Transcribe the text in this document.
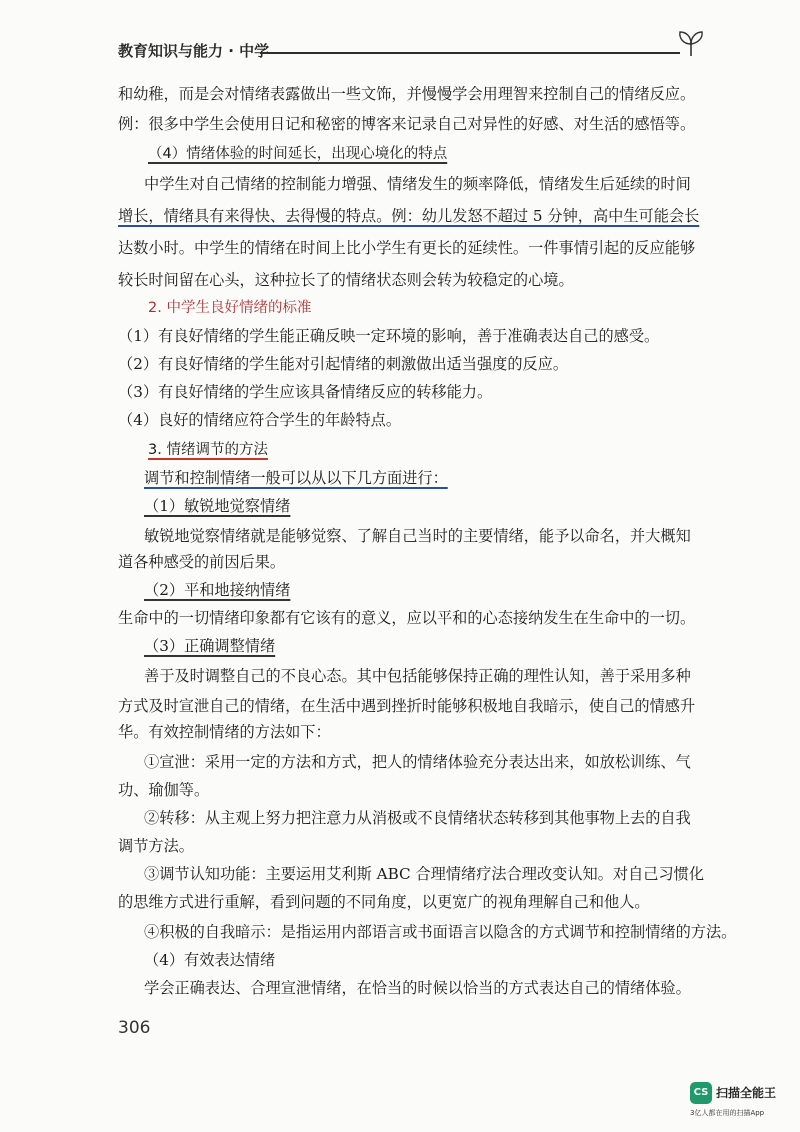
教育知识与能力 · 中学
和幼稚，而是会对情绪表露做出一些文饰，并慢慢学会用理智来控制自己的情绪反应。
例：很多中学生会使用日记和秘密的博客来记录自己对异性的好感、对生活的感悟等。
（4）情绪体验的时间延长，出现心境化的特点
中学生对自己情绪的控制能力增强、情绪发生的频率降低，情绪发生后延续的时间
增长，情绪具有来得快、去得慢的特点。例：幼儿发怒不超过 5 分钟，高中生可能会长
达数小时。中学生的情绪在时间上比小学生有更长的延续性。一件事情引起的反应能够
较长时间留在心头，这种拉长了的情绪状态则会转为较稳定的心境。
2. 中学生良好情绪的标准
（1）有良好情绪的学生能正确反映一定环境的影响，善于准确表达自己的感受。
（2）有良好情绪的学生能对引起情绪的刺激做出适当强度的反应。
（3）有良好情绪的学生应该具备情绪反应的转移能力。
（4）良好的情绪应符合学生的年龄特点。
3. 情绪调节的方法
调节和控制情绪一般可以从以下几方面进行：
（1）敏锐地觉察情绪
敏锐地觉察情绪就是能够觉察、了解自己当时的主要情绪，能予以命名，并大概知
道各种感受的前因后果。
（2）平和地接纳情绪
生命中的一切情绪印象都有它该有的意义，应以平和的心态接纳发生在生命中的一切。
（3）正确调整情绪
善于及时调整自己的不良心态。其中包括能够保持正确的理性认知，善于采用多种
方式及时宣泄自己的情绪，在生活中遇到挫折时能够积极地自我暗示，使自己的情感升
华。有效控制情绪的方法如下：
①宣泄：采用一定的方法和方式，把人的情绪体验充分表达出来，如放松训练、气
功、瑜伽等。
②转移：从主观上努力把注意力从消极或不良情绪状态转移到其他事物上去的自我
调节方法。
③调节认知功能：主要运用艾利斯 ABC 合理情绪疗法合理改变认知。对自己习惯化
的思维方式进行重解，看到问题的不同角度，以更宽广的视角理解自己和他人。
④积极的自我暗示：是指运用内部语言或书面语言以隐含的方式调节和控制情绪的方法。
（4）有效表达情绪
学会正确表达、合理宣泄情绪，在恰当的时候以恰当的方式表达自己的情绪体验。
306
CS 扫描全能王
3亿人都在用的扫描App
